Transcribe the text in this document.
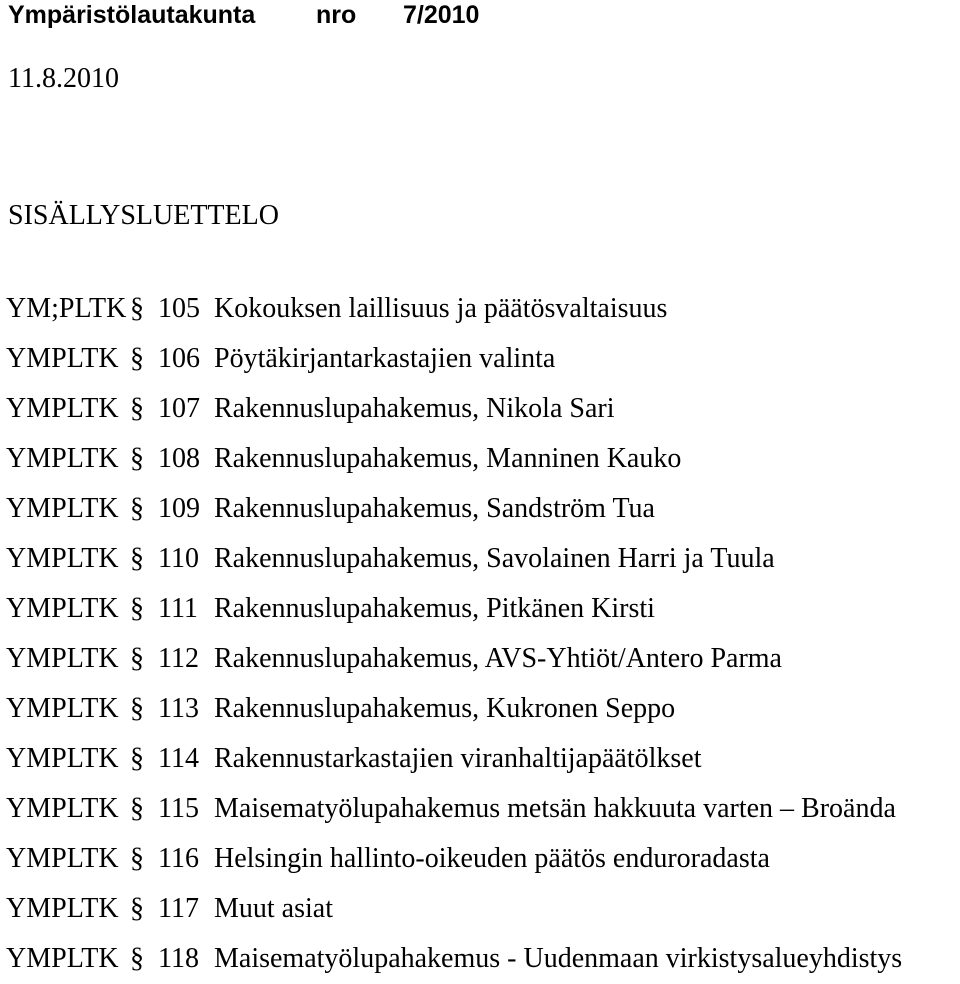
Ympäristölautakunta nro 7/2010
11.8.2010
SISÄLLYSLUETTELO
YM;PLTK § 105 Kokouksen laillisuus ja päätösvaltaisuus
YMPLTK § 106 Pöytäkirjantarkastajien valinta
YMPLTK § 107 Rakennuslupahakemus, Nikola Sari
YMPLTK § 108 Rakennuslupahakemus, Manninen Kauko
YMPLTK § 109 Rakennuslupahakemus, Sandström Tua
YMPLTK § 110 Rakennuslupahakemus, Savolainen Harri ja Tuula
YMPLTK § 111 Rakennuslupahakemus, Pitkänen Kirsti
YMPLTK § 112 Rakennuslupahakemus, AVS-Yhtiöt/Antero Parma
YMPLTK § 113 Rakennuslupahakemus, Kukronen Seppo
YMPLTK § 114 Rakennustarkastajien viranhaltijapäätölkset
YMPLTK § 115 Maisematyölupahakemus metsän hakkuuta varten – Broända
YMPLTK § 116 Helsingin hallinto-oikeuden päätös enduroradasta
YMPLTK § 117 Muut asiat
YMPLTK § 118 Maisematyölupahakemus - Uudenmaan virkistysalueyhdistys
